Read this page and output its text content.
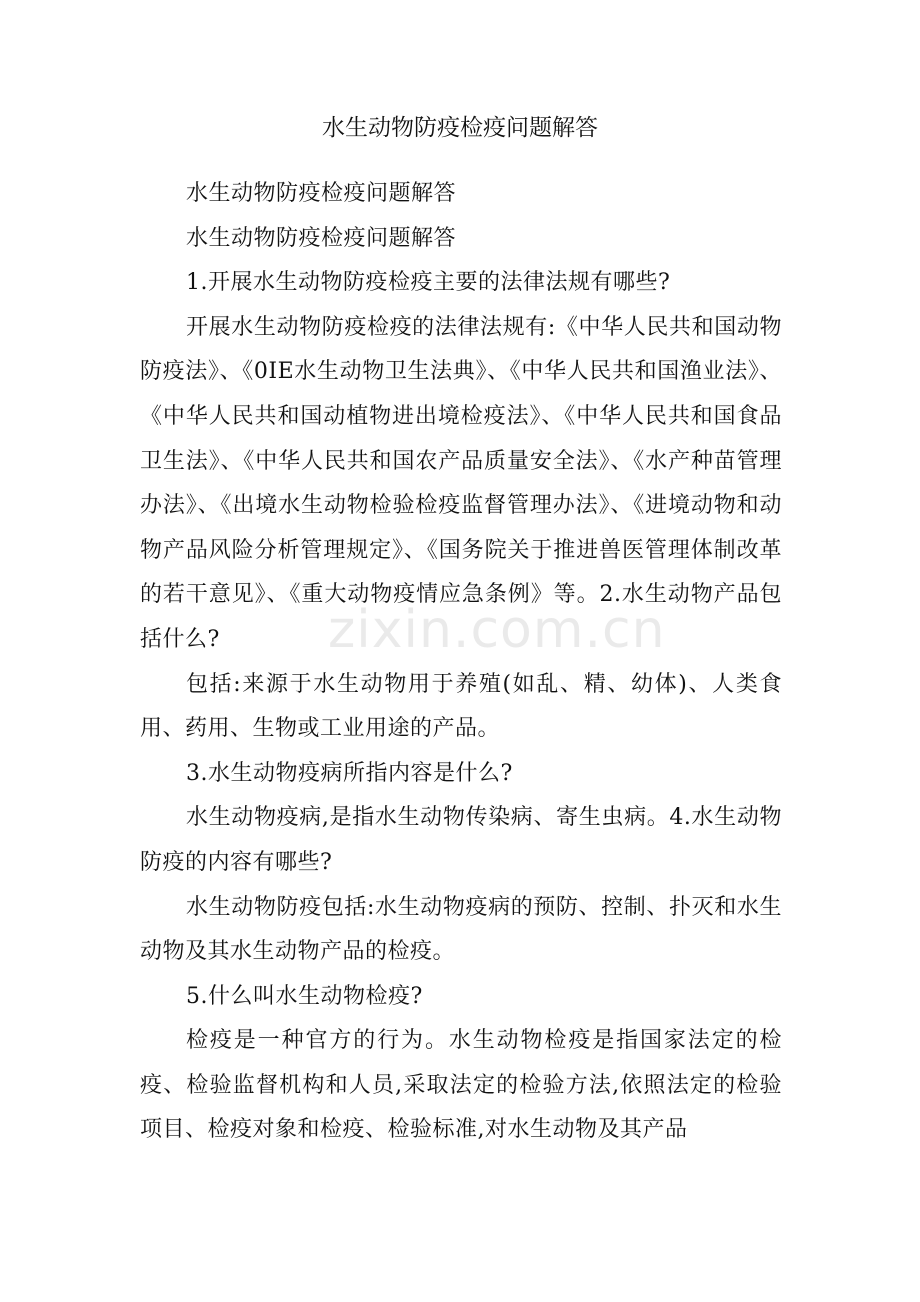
水生动物防疫检疫问题解答

水生动物防疫检疫问题解答

水生动物防疫检疫问题解答

1.开展水生动物防疫检疫主要的法律法规有哪些?

开展水生动物防疫检疫的法律法规有:《中华人民共和国动物防疫法》、《0IE水生动物卫生法典》、《中华人民共和国渔业法》、《中华人民共和国动植物进出境检疫法》、《中华人民共和国食品卫生法》、《中华人民共和国农产品质量安全法》、《水产种苗管理办法》、《出境水生动物检验检疫监督管理办法》、《进境动物和动物产品风险分析管理规定》、《国务院关于推进兽医管理体制改革的若干意见》、《重大动物疫情应急条例》等。2.水生动物产品包括什么?

包括:来源于水生动物用于养殖(如乱、精、幼体)、人类食用、药用、生物或工业用途的产品。

3.水生动物疫病所指内容是什么?

水生动物疫病,是指水生动物传染病、寄生虫病。4.水生动物防疫的内容有哪些?

水生动物防疫包括:水生动物疫病的预防、控制、扑灭和水生动物及其水生动物产品的检疫。

5.什么叫水生动物检疫?

检疫是一种官方的行为。水生动物检疫是指国家法定的检疫、检验监督机构和人员,采取法定的检验方法,依照法定的检验项目、检疫对象和检疫、检验标准,对水生动物及其产品

zixin.com.cn
